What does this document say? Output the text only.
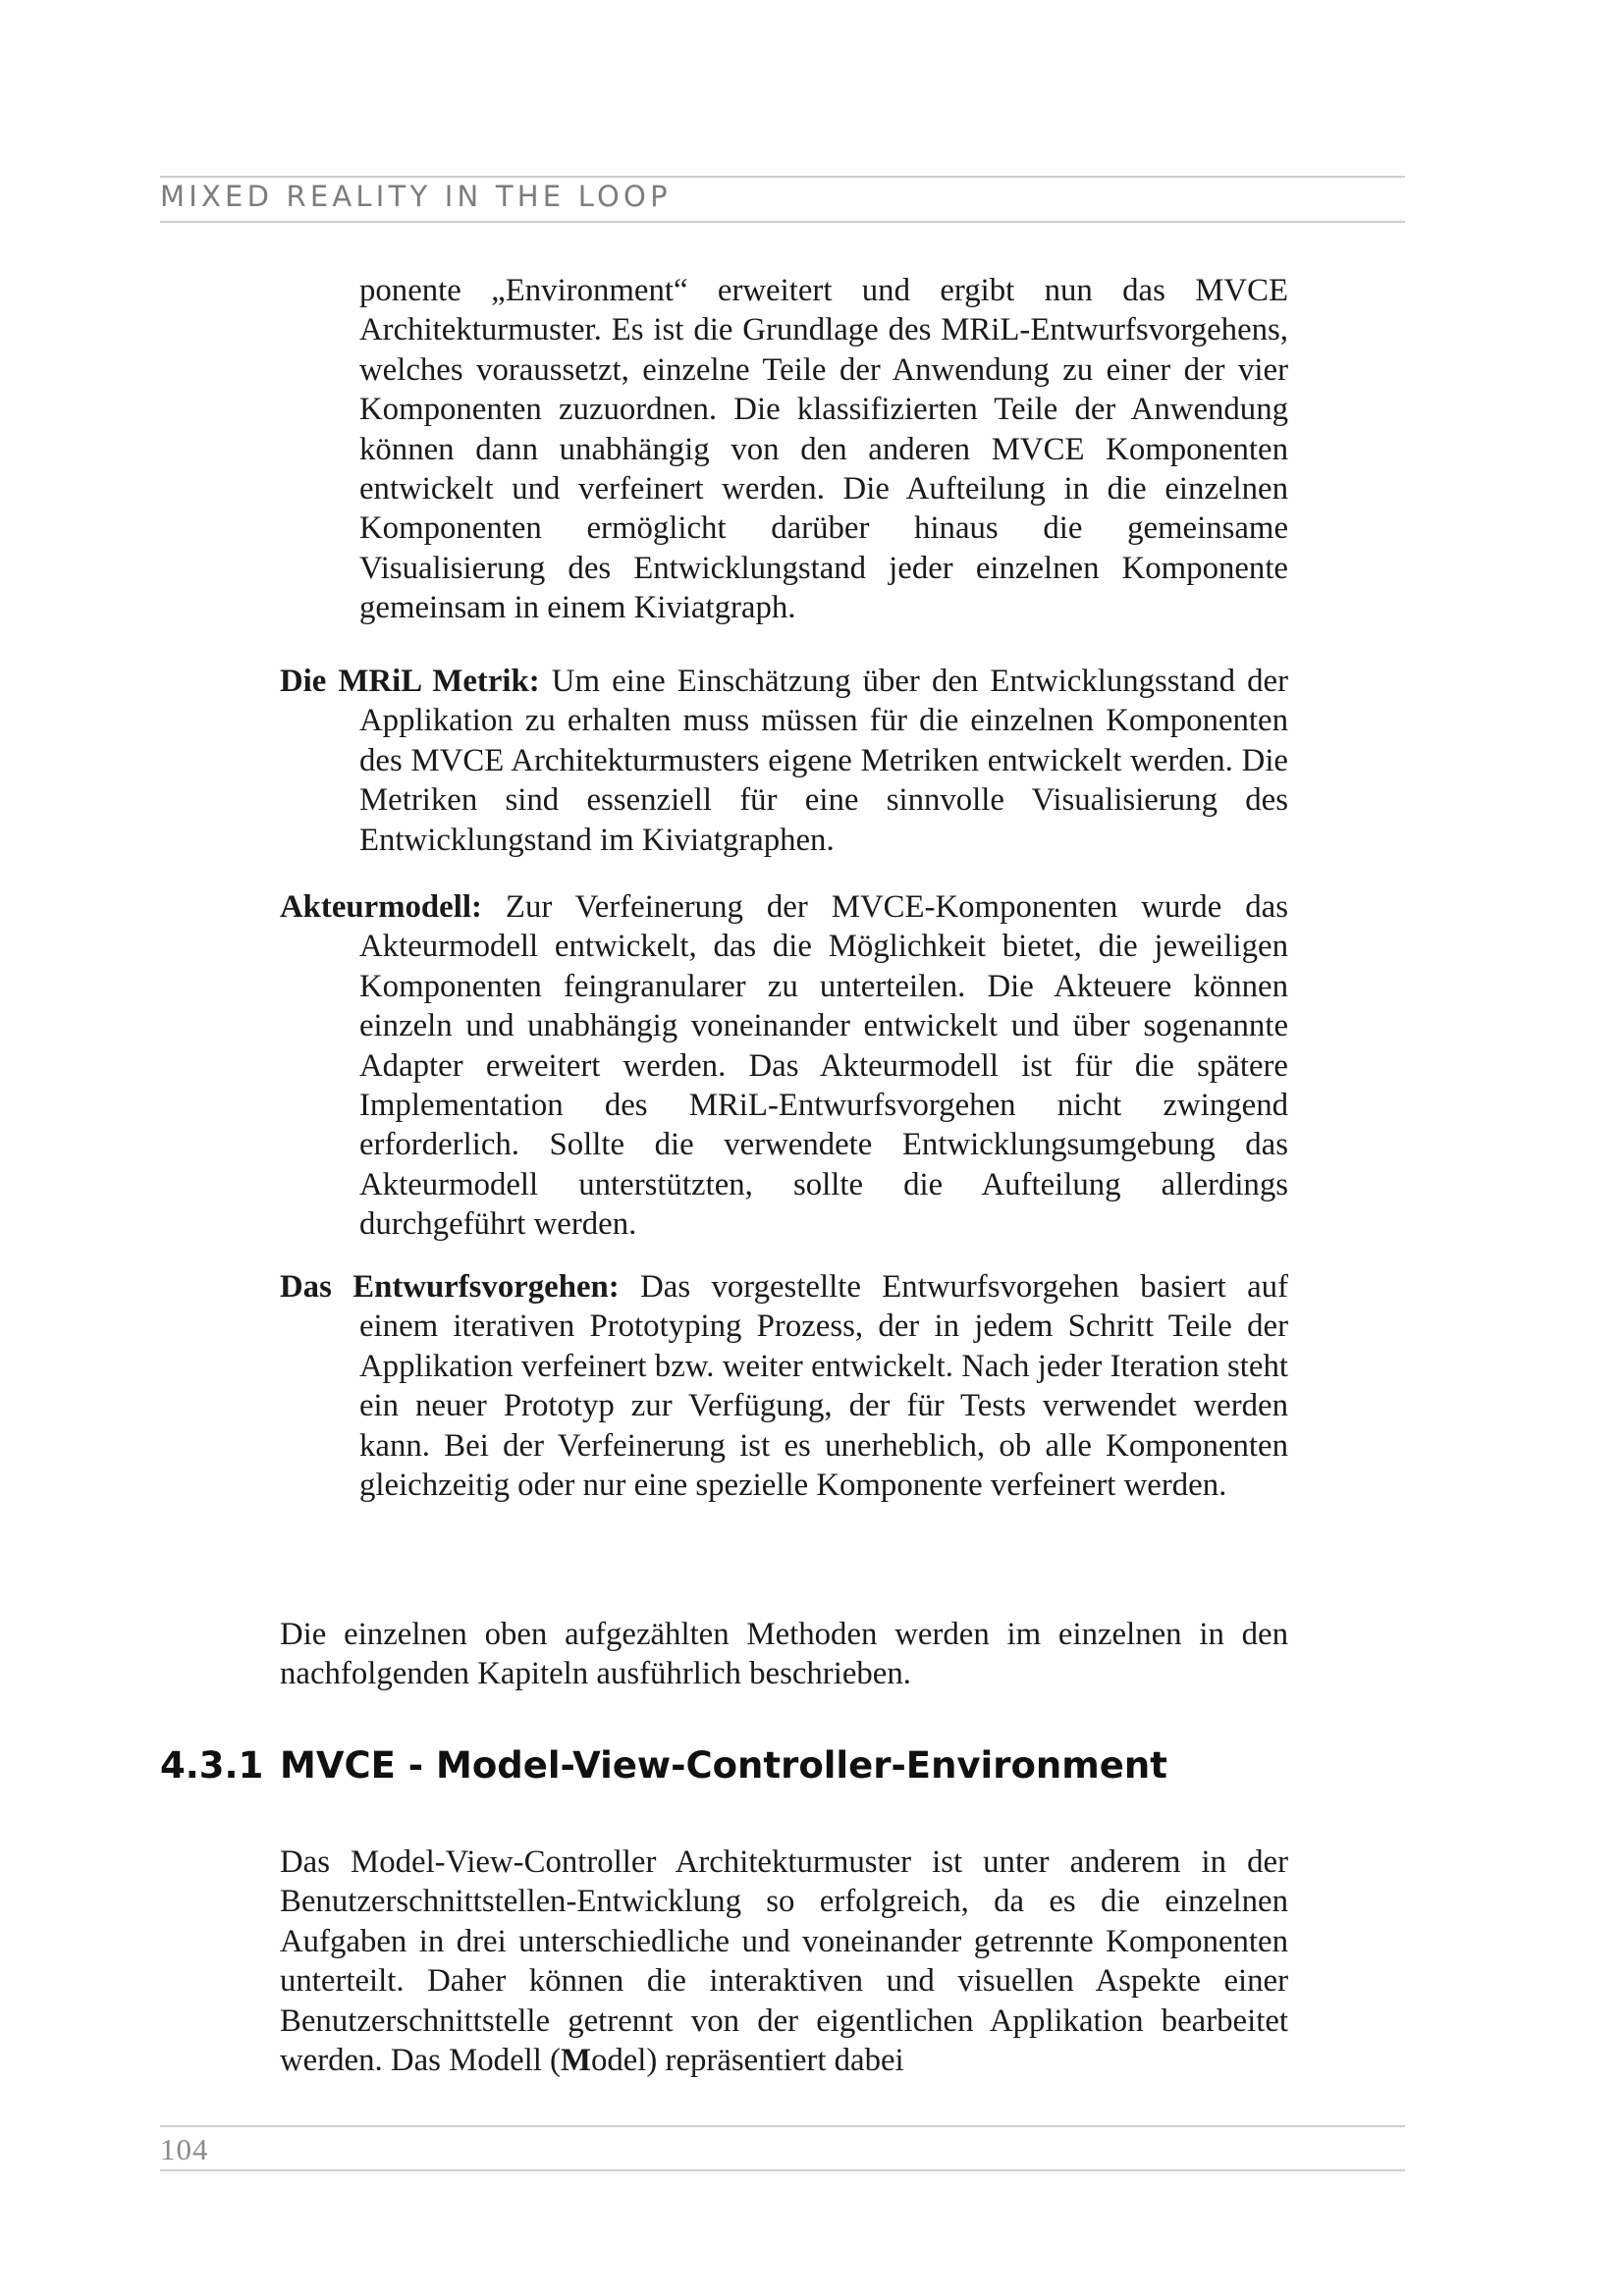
MIXED REALITY IN THE LOOP
ponente „Environment“ erweitert und ergibt nun das MVCE Architekturmuster. Es ist die Grundlage des MRiL-Entwurfsvorgehens, welches voraussetzt, einzelne Teile der Anwendung zu einer der vier Komponenten zuzuordnen. Die klassifizierten Teile der Anwendung können dann unabhängig von den anderen MVCE Komponenten entwickelt und verfeinert werden. Die Aufteilung in die einzelnen Komponenten ermöglicht darüber hinaus die gemeinsame Visualisierung des Entwicklungstand jeder einzelnen Komponente gemeinsam in einem Kiviatgraph.
Die MRiL Metrik: Um eine Einschätzung über den Entwicklungsstand der Applikation zu erhalten muss müssen für die einzelnen Komponenten des MVCE Architekturmusters eigene Metriken entwickelt werden. Die Metriken sind essenziell für eine sinnvolle Visualisierung des Entwicklungstand im Kiviatgraphen.
Akteurmodell: Zur Verfeinerung der MVCE-Komponenten wurde das Akteurmodell entwickelt, das die Möglichkeit bietet, die jeweiligen Komponenten feingranularer zu unterteilen. Die Akteuere können einzeln und unabhängig voneinander entwickelt und über sogenannte Adapter erweitert werden. Das Akteurmodell ist für die spätere Implementation des MRiL-Entwurfsvorgehen nicht zwingend erforderlich. Sollte die verwendete Entwicklungsumgebung das Akteurmodell unterstützten, sollte die Aufteilung allerdings durchgeführt werden.
Das Entwurfsvorgehen: Das vorgestellte Entwurfsvorgehen basiert auf einem iterativen Prototyping Prozess, der in jedem Schritt Teile der Applikation verfeinert bzw. weiter entwickelt. Nach jeder Iteration steht ein neuer Prototyp zur Verfügung, der für Tests verwendet werden kann. Bei der Verfeinerung ist es unerheblich, ob alle Komponenten gleichzeitig oder nur eine spezielle Komponente verfeinert werden.
Die einzelnen oben aufgezählten Methoden werden im einzelnen in den nachfolgenden Kapiteln ausführlich beschrieben.
4.3.1 MVCE - Model-View-Controller-Environment
Das Model-View-Controller Architekturmuster ist unter anderem in der Benutzerschnittstellen-Entwicklung so erfolgreich, da es die einzelnen Aufgaben in drei unterschiedliche und voneinander getrennte Komponenten unterteilt. Daher können die interaktiven und visuellen Aspekte einer Benutzerschnittstelle getrennt von der eigentlichen Applikation bearbeitet werden. Das Modell (Model) repräsentiert dabei
104
